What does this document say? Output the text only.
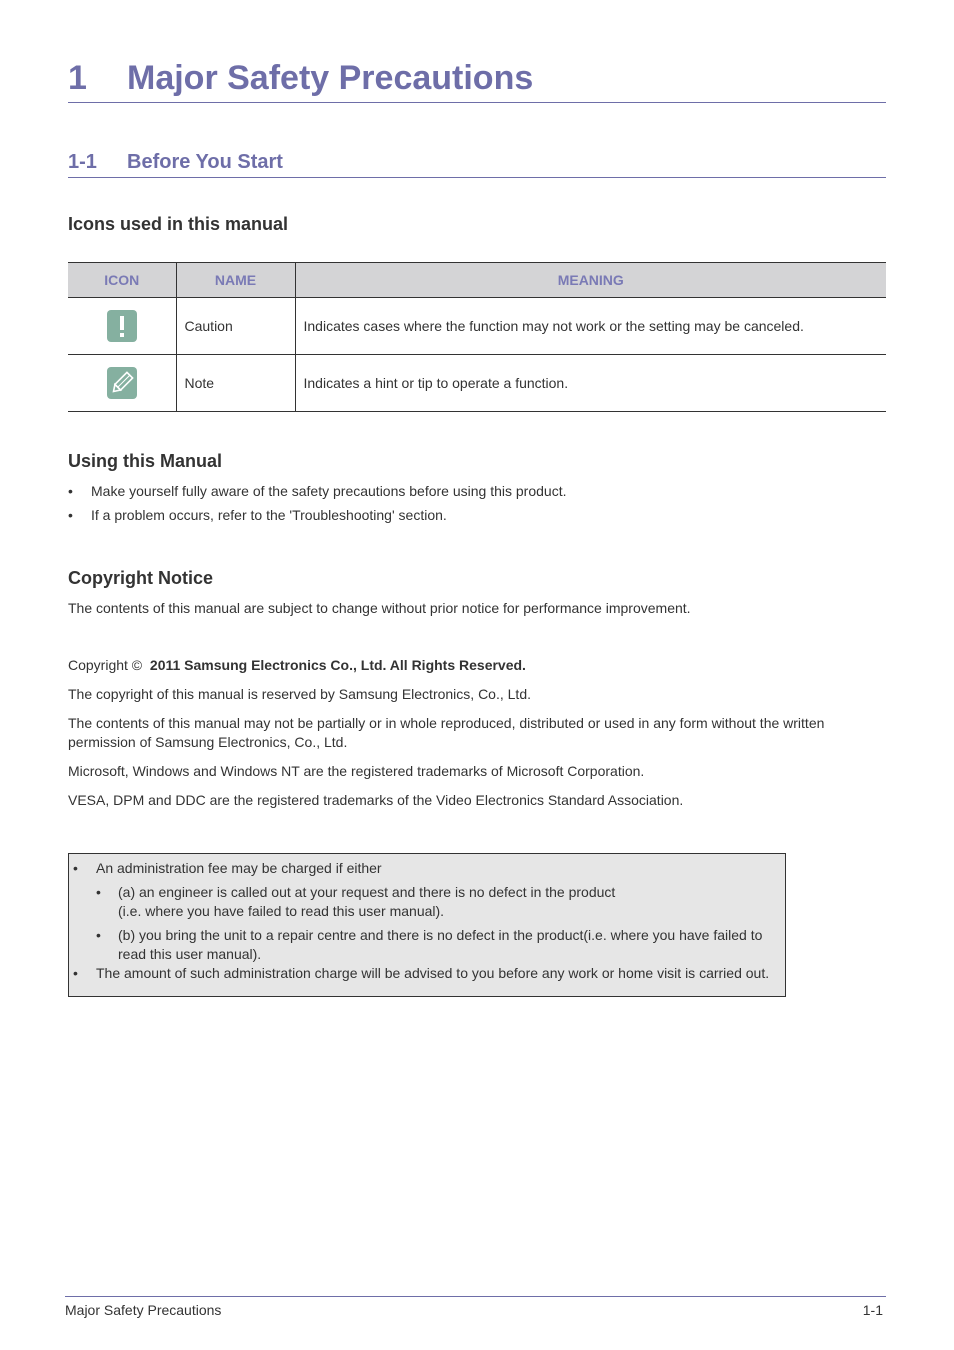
1 Major Safety Precautions
1-1 Before You Start
Icons used in this manual
ICON	NAME	MEANING

	Caution	Indicates cases where the function may not work or the setting may be canceled.

	Note	Indicates a hint or tip to operate a function.
Using this Manual
• Make yourself fully aware of the safety precautions before using this product.
• If a problem occurs, refer to the 'Troubleshooting' section.
Copyright Notice
The contents of this manual are subject to change without prior notice for performance improvement.
Copyright © 2011 Samsung Electronics Co., Ltd. All Rights Reserved.
The copyright of this manual is reserved by Samsung Electronics, Co., Ltd.
The contents of this manual may not be partially or in whole reproduced, distributed or used in any form without the written permission of Samsung Electronics, Co., Ltd.
Microsoft, Windows and Windows NT are the registered trademarks of Microsoft Corporation.
VESA, DPM and DDC are the registered trademarks of the Video Electronics Standard Association.
• An administration fee may be charged if either
• (a) an engineer is called out at your request and there is no defect in the product
(i.e. where you have failed to read this user manual).
• (b) you bring the unit to a repair centre and there is no defect in the product(i.e. where you have failed to read this user manual).
• The amount of such administration charge will be advised to you before any work or home visit is carried out.
Major Safety Precautions	1-1
